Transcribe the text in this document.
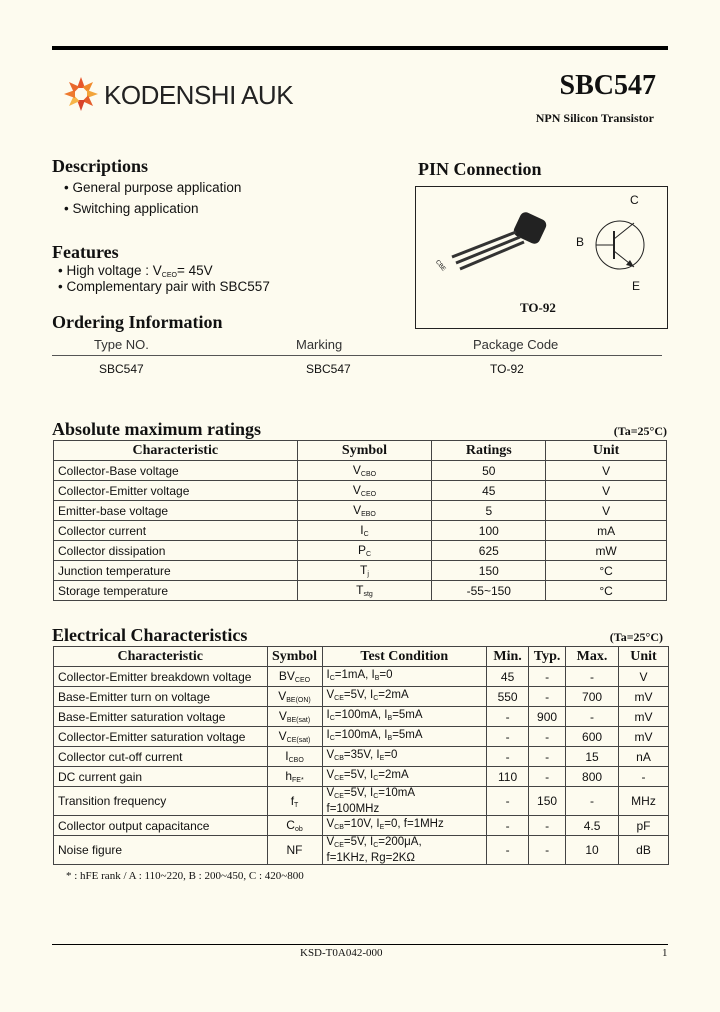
KODENSHI AUK	SBC547
NPN Silicon Transistor
Descriptions
• General purpose application
• Switching application
Features
• High voltage : $V_{CEO}= 45V$
• Complementary pair with SBC557
PIN Connection
CBE
C
B
E
TO-92
Ordering Information
Type NO.	Marking	Package Code
SBC547	SBC547	TO-92
Absolute maximum ratings	(Ta=25°C)
Characteristic	Symbol	Ratings	Unit
Collector-Base voltage	$V_{CBO}$	50	V
Collector-Emitter voltage	$V_{CEO}$	45	V
Emitter-base voltage	$V_{EBO}$	5	V
Collector current	$I_C$	100	mA
Collector dissipation	$P_C$	625	mW
Junction temperature	$T_j$	150	°C
Storage temperature	$T_{stg}$	-55~150	°C
Electrical Characteristics	(Ta=25°C)
Characteristic	Symbol	Test Condition	Min.	Typ.	Max.	Unit
Collector-Emitter breakdown voltage	$BV_{CEO}$	$I_C=1mA$, $I_B=0$	45	-	-	V
Base-Emitter turn on voltage	$V_{BE(ON)}$	$V_{CE}=5V$, $I_C=2mA$	550	-	700	mV
Base-Emitter saturation voltage	$V_{BE(sat)}$	$I_C=100mA$, $I_B=5mA$	-	900	-	mV
Collector-Emitter saturation voltage	$V_{CE(sat)}$	$I_C=100mA$, $I_B=5mA$	-	-	600	mV
Collector cut-off current	$I_{CBO}$	$V_{CB}=35V$, $I_E=0$	-	-	15	nA
DC current gain	$h_{FE*}$	$V_{CE}=5V$, $I_C=2mA$	110	-	800	-
Transition frequency	$f_T$	$V_{CE}=5V$, $I_C=10mA$
f=100MHz	-	150	-	MHz
Collector output capacitance	$C_{ob}$	$V_{CB}=10V$, $I_E=0$, f=1MHz	-	-	4.5	pF
Noise figure	NF	$V_{CE}=5V$, $I_C=200\mu A$,
f=1KHz, Rg=2KΩ	-	-	10	dB
* : hFE rank / A : 110~220, B : 200~450, C : 420~800
KSD-T0A042-000	1
